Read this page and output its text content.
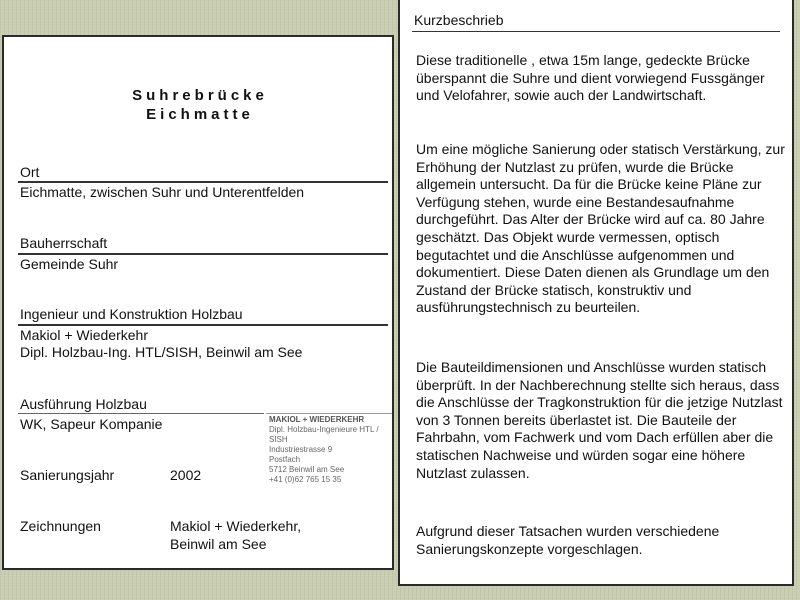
Suhrebrücke
Eichmatte
Ort
Eichmatte, zwischen Suhr und Unterentfelden
Bauherrschaft
Gemeinde Suhr
Ingenieur und Konstruktion Holzbau
Makiol + Wiederkehr
Dipl. Holzbau-Ing. HTL/SISH, Beinwil am See
Ausführung Holzbau
WK, Sapeur Kompanie	MAKIOL + WIEDERKEHR
Dipl. Holzbau-Ingenieure HTL /
SISH
Industriestrasse 9
Postfach
5712 Beinwil am See
+41 (0)62 765 15 35
Sanierungsjahr	2002
Zeichnungen	Makiol + Wiederkehr,
Beinwil am See
Kurzbeschrieb

Diese traditionelle , etwa 15m lange, gedeckte Brücke überspannt die Suhre und dient vorwiegend Fussgänger und Velofahrer, sowie auch der Landwirtschaft.

Um eine mögliche Sanierung oder statisch Verstärkung, zur Erhöhung der Nutzlast zu prüfen, wurde die Brücke allgemein untersucht. Da für die Brücke keine Pläne zur Verfügung stehen, wurde eine Bestandesaufnahme durchgeführt. Das Alter der Brücke wird auf ca. 80 Jahre geschätzt. Das Objekt wurde vermessen, optisch begutachtet und die Anschlüsse aufgenommen und dokumentiert. Diese Daten dienen als Grundlage um den Zustand der Brücke statisch, konstruktiv und ausführungstechnisch zu beurteilen.

Die Bauteildimensionen und Anschlüsse wurden statisch überprüft. In der Nachberechnung stellte sich heraus, dass die Anschlüsse der Tragkonstruktion für die jetzige Nutzlast von 3 Tonnen bereits überlastet ist. Die Bauteile der Fahrbahn, vom Fachwerk und vom Dach erfüllen aber die statischen Nachweise und würden sogar eine höhere Nutzlast zulassen.

Aufgrund dieser Tatsachen wurden verschiedene Sanierungskonzepte vorgeschlagen.
